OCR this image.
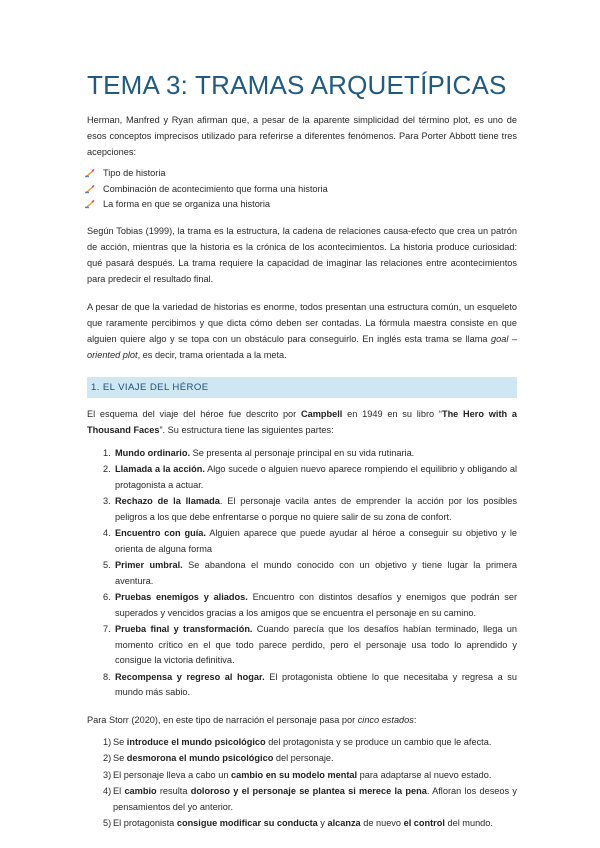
TEMA 3: TRAMAS ARQUETÍPICAS

Herman, Manfred y Ryan afirman que, a pesar de la aparente simplicidad del término plot, es uno de esos conceptos imprecisos utilizado para referirse a diferentes fenómenos. Para Porter Abbott tiene tres acepciones:

Tipo de historia
Combinación de acontecimiento que forma una historia
La forma en que se organiza una historia

Según Tobias (1999), la trama es la estructura, la cadena de relaciones causa-efecto que crea un patrón de acción, mientras que la historia es la crónica de los acontecimientos. La historia produce curiosidad: qué pasará después. La trama requiere la capacidad de imaginar las relaciones entre acontecimientos para predecir el resultado final.

A pesar de que la variedad de historias es enorme, todos presentan una estructura común, un esqueleto que raramente percibimos y que dicta cómo deben ser contadas. La fórmula maestra consiste en que alguien quiere algo y se topa con un obstáculo para conseguirlo. En inglés esta trama se llama goal – oriented plot, es decir, trama orientada a la meta.

1. EL VIAJE DEL HÉROE

El esquema del viaje del héroe fue descrito por Campbell en 1949 en su libro “The Hero with a Thousand Faces”. Su estructura tiene las siguientes partes:

1. Mundo ordinario. Se presenta al personaje principal en su vida rutinaria.
2. Llamada a la acción. Algo sucede o alguien nuevo aparece rompiendo el equilibrio y obligando al protagonista a actuar.
3. Rechazo de la llamada. El personaje vacila antes de emprender la acción por los posibles peligros a los que debe enfrentarse o porque no quiere salir de su zona de confort.
4. Encuentro con guía. Alguien aparece que puede ayudar al héroe a conseguir su objetivo y le orienta de alguna forma
5. Primer umbral. Se abandona el mundo conocido con un objetivo y tiene lugar la primera aventura.
6. Pruebas enemigos y aliados. Encuentro con distintos desafíos y enemigos que podrán ser superados y vencidos gracias a los amigos que se encuentra el personaje en su camino.
7. Prueba final y transformación. Cuando parecía que los desafíos habían terminado, llega un momento crítico en el que todo parece perdido, pero el personaje usa todo lo aprendido y consigue la victoria definitiva.
8. Recompensa y regreso al hogar. El protagonista obtiene lo que necesitaba y regresa a su mundo más sabio.

Para Storr (2020), en este tipo de narración el personaje pasa por cinco estados:

1) Se introduce el mundo psicológico del protagonista y se produce un cambio que le afecta.
2) Se desmorona el mundo psicológico del personaje.
3) El personaje lleva a cabo un cambio en su modelo mental para adaptarse al nuevo estado.
4) El cambio resulta doloroso y el personaje se plantea si merece la pena. Afloran los deseos y pensamientos del yo anterior.
5) El protagonista consigue modificar su conducta y alcanza de nuevo el control del mundo.
